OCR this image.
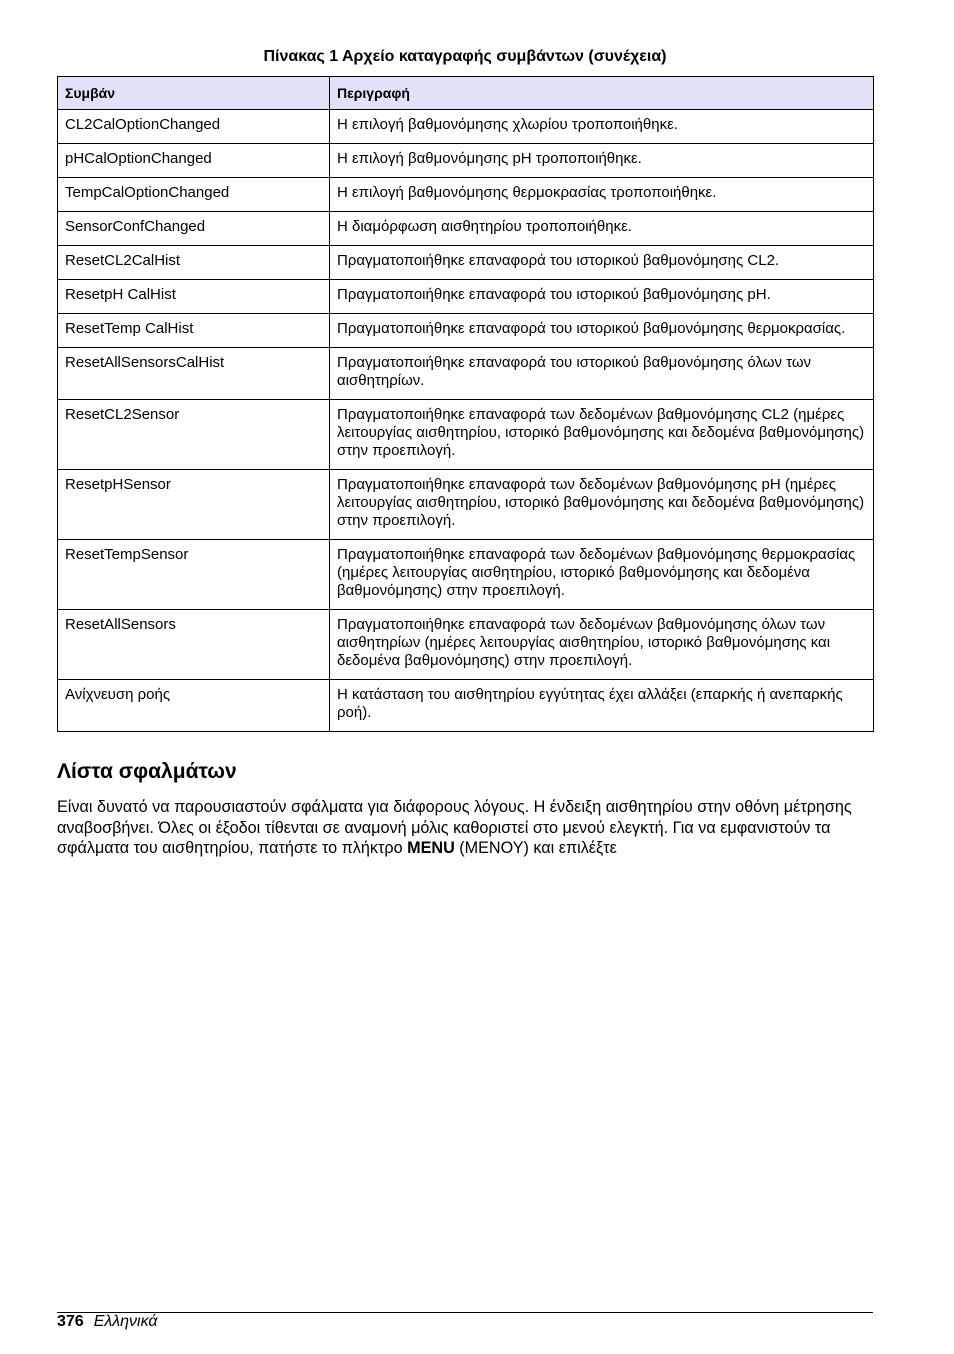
Πίνακας 1 Αρχείο καταγραφής συμβάντων (συνέχεια)
Συμβάν	Περιγραφή
CL2CalOptionChanged	Η επιλογή βαθμονόμησης χλωρίου τροποποιήθηκε.
pHCalOptionChanged	Η επιλογή βαθμονόμησης pH τροποποιήθηκε.
TempCalOptionChanged	Η επιλογή βαθμονόμησης θερμοκρασίας τροποποιήθηκε.
SensorConfChanged	Η διαμόρφωση αισθητηρίου τροποποιήθηκε.
ResetCL2CalHist	Πραγματοποιήθηκε επαναφορά του ιστορικού βαθμονόμησης CL2.
ResetpH CalHist	Πραγματοποιήθηκε επαναφορά του ιστορικού βαθμονόμησης pH.
ResetTemp CalHist	Πραγματοποιήθηκε επαναφορά του ιστορικού βαθμονόμησης θερμοκρασίας.
ResetAllSensorsCalHist	Πραγματοποιήθηκε επαναφορά του ιστορικού βαθμονόμησης όλων των αισθητηρίων.
ResetCL2Sensor	Πραγματοποιήθηκε επαναφορά των δεδομένων βαθμονόμησης CL2 (ημέρες λειτουργίας αισθητηρίου, ιστορικό βαθμονόμησης και δεδομένα βαθμονόμησης) στην προεπιλογή.
ResetpHSensor	Πραγματοποιήθηκε επαναφορά των δεδομένων βαθμονόμησης pH (ημέρες λειτουργίας αισθητηρίου, ιστορικό βαθμονόμησης και δεδομένα βαθμονόμησης) στην προεπιλογή.
ResetTempSensor	Πραγματοποιήθηκε επαναφορά των δεδομένων βαθμονόμησης θερμοκρασίας (ημέρες λειτουργίας αισθητηρίου, ιστορικό βαθμονόμησης και δεδομένα βαθμονόμησης) στην προεπιλογή.
ResetAllSensors	Πραγματοποιήθηκε επαναφορά των δεδομένων βαθμονόμησης όλων των αισθητηρίων (ημέρες λειτουργίας αισθητηρίου, ιστορικό βαθμονόμησης και δεδομένα βαθμονόμησης) στην προεπιλογή.
Ανίχνευση ροής	Η κατάσταση του αισθητηρίου εγγύτητας έχει αλλάξει (επαρκής ή ανεπαρκής ροή).
Λίστα σφαλμάτων

Είναι δυνατό να παρουσιαστούν σφάλματα για διάφορους λόγους. Η ένδειξη αισθητηρίου στην οθόνη μέτρησης αναβοσβήνει. Όλες οι έξοδοι τίθενται σε αναμονή μόλις καθοριστεί στο μενού ελεγκτή. Για να εμφανιστούν τα σφάλματα του αισθητηρίου, πατήστε το πλήκτρο MENU (ΜΕΝΟΥ) και επιλέξτε

376 Ελληνικά
